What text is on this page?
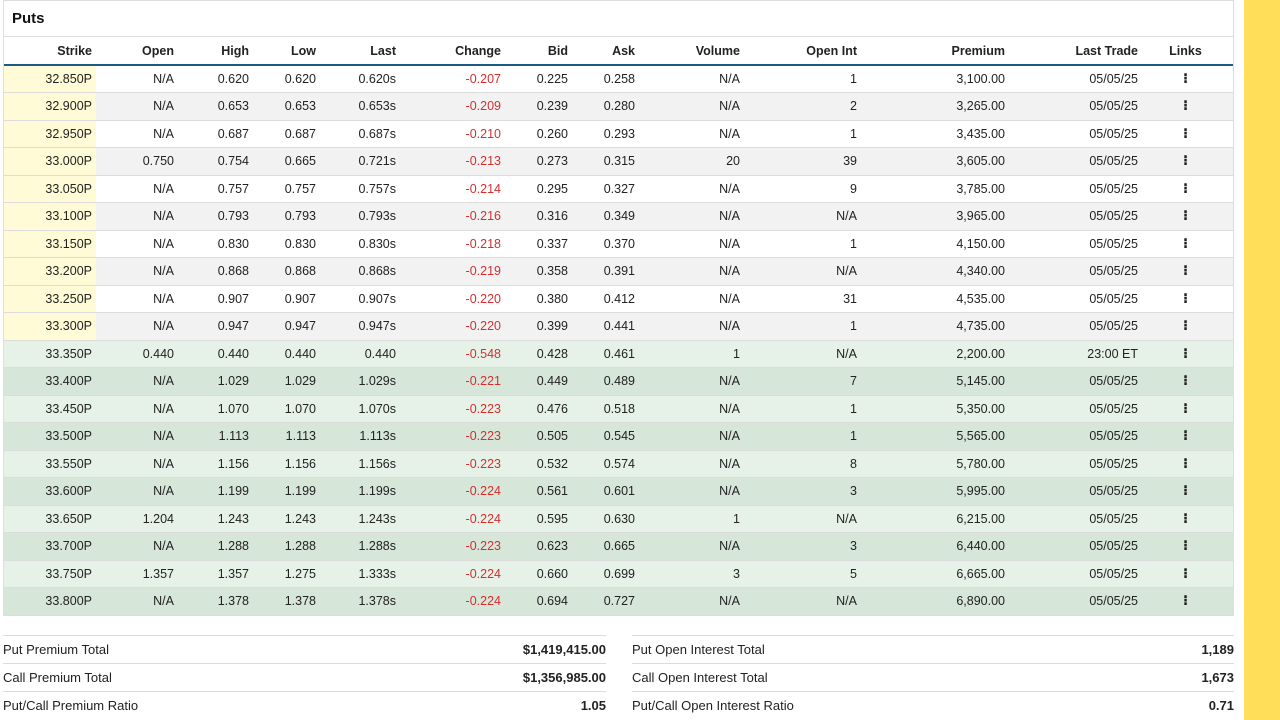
Puts
Strike	Open	High	Low	Last	Change	Bid	Ask	Volume	Open Int	Premium	Last Trade	Links
32.850P	N/A	0.620	0.620	0.620s	-0.207	0.225	0.258	N/A	1	3,100.00	05/05/25	⁝
32.900P	N/A	0.653	0.653	0.653s	-0.209	0.239	0.280	N/A	2	3,265.00	05/05/25	⁝
32.950P	N/A	0.687	0.687	0.687s	-0.210	0.260	0.293	N/A	1	3,435.00	05/05/25	⁝
33.000P	0.750	0.754	0.665	0.721s	-0.213	0.273	0.315	20	39	3,605.00	05/05/25	⁝
33.050P	N/A	0.757	0.757	0.757s	-0.214	0.295	0.327	N/A	9	3,785.00	05/05/25	⁝
33.100P	N/A	0.793	0.793	0.793s	-0.216	0.316	0.349	N/A	N/A	3,965.00	05/05/25	⁝
33.150P	N/A	0.830	0.830	0.830s	-0.218	0.337	0.370	N/A	1	4,150.00	05/05/25	⁝
33.200P	N/A	0.868	0.868	0.868s	-0.219	0.358	0.391	N/A	N/A	4,340.00	05/05/25	⁝
33.250P	N/A	0.907	0.907	0.907s	-0.220	0.380	0.412	N/A	31	4,535.00	05/05/25	⁝
33.300P	N/A	0.947	0.947	0.947s	-0.220	0.399	0.441	N/A	1	4,735.00	05/05/25	⁝
33.350P	0.440	0.440	0.440	0.440	-0.548	0.428	0.461	1	N/A	2,200.00	23:00 ET	⁝
33.400P	N/A	1.029	1.029	1.029s	-0.221	0.449	0.489	N/A	7	5,145.00	05/05/25	⁝
33.450P	N/A	1.070	1.070	1.070s	-0.223	0.476	0.518	N/A	1	5,350.00	05/05/25	⁝
33.500P	N/A	1.113	1.113	1.113s	-0.223	0.505	0.545	N/A	1	5,565.00	05/05/25	⁝
33.550P	N/A	1.156	1.156	1.156s	-0.223	0.532	0.574	N/A	8	5,780.00	05/05/25	⁝
33.600P	N/A	1.199	1.199	1.199s	-0.224	0.561	0.601	N/A	3	5,995.00	05/05/25	⁝
33.650P	1.204	1.243	1.243	1.243s	-0.224	0.595	0.630	1	N/A	6,215.00	05/05/25	⁝
33.700P	N/A	1.288	1.288	1.288s	-0.223	0.623	0.665	N/A	3	6,440.00	05/05/25	⁝
33.750P	1.357	1.357	1.275	1.333s	-0.224	0.660	0.699	3	5	6,665.00	05/05/25	⁝
33.800P	N/A	1.378	1.378	1.378s	-0.224	0.694	0.727	N/A	N/A	6,890.00	05/05/25	⁝
Put Premium Total	$1,419,415.00
Call Premium Total	$1,356,985.00
Put/Call Premium Ratio	1.05
Put Open Interest Total	1,189
Call Open Interest Total	1,673
Put/Call Open Interest Ratio	0.71
